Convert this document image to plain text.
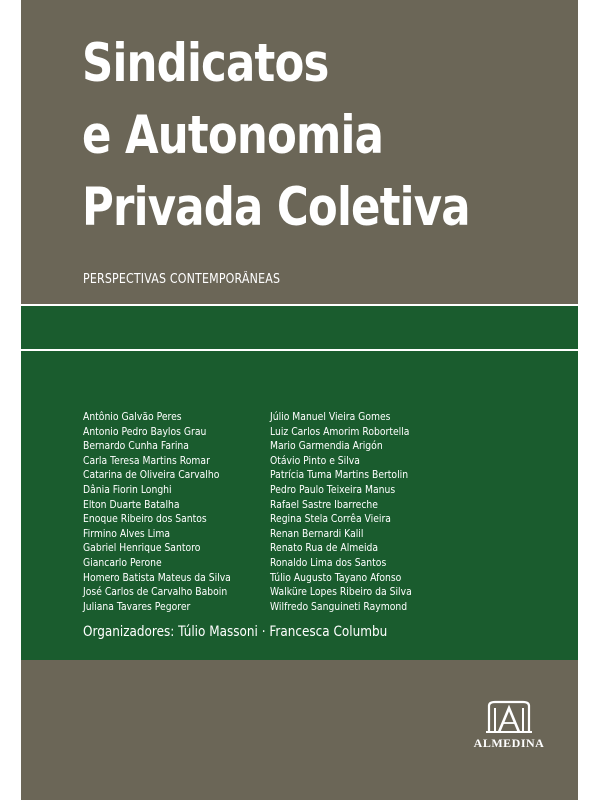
Sindicatos
e Autonomia
Privada Coletiva
PERSPECTIVAS CONTEMPORÂNEAS
Organizadores: Túlio Massoni · Francesca Columbu
Antônio Galvão Peres
Antonio Pedro Baylos Grau
Bernardo Cunha Farina
Carla Teresa Martins Romar
Catarina de Oliveira Carvalho
Dânia Fiorin Longhi
Elton Duarte Batalha
Enoque Ribeiro dos Santos
Firmino Alves Lima
Gabriel Henrique Santoro
Giancarlo Perone
Homero Batista Mateus da Silva
José Carlos de Carvalho Baboin
Juliana Tavares Pegorer
Júlio Manuel Vieira Gomes
Luiz Carlos Amorim Robortella
Mario Garmendia Arigón
Otávio Pinto e Silva
Patrícia Tuma Martins Bertolin
Pedro Paulo Teixeira Manus
Rafael Sastre Ibarreche
Regina Stela Corrêa Vieira
Renan Bernardi Kalil
Renato Rua de Almeida
Ronaldo Lima dos Santos
Túlio Augusto Tayano Afonso
Walküre Lopes Ribeiro da Silva
Wilfredo Sanguineti Raymond
ALMEDINA
